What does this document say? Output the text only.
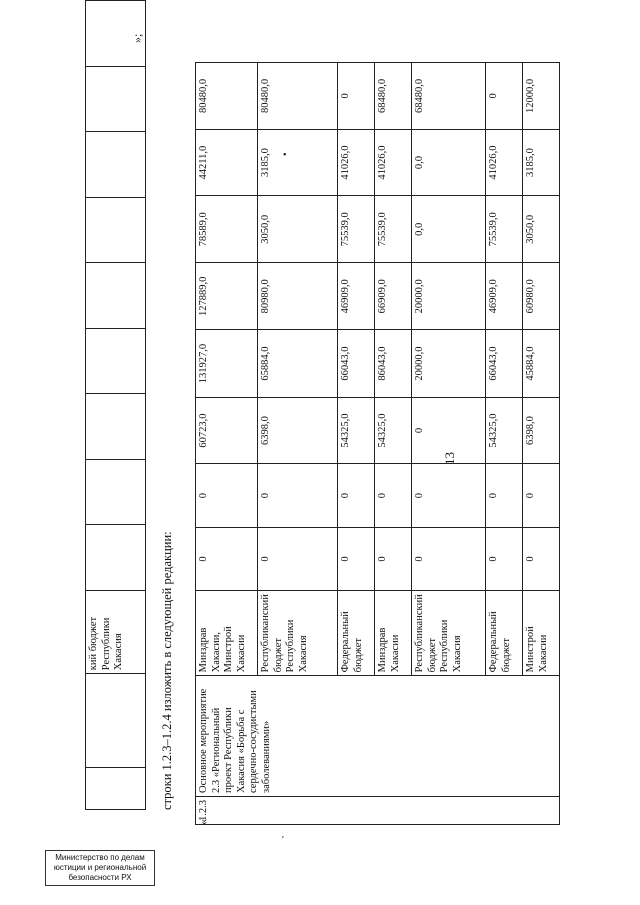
		кий бюджет Республики Хакасия									
»;
13
строки 1.2.3–1.2.4 изложить в следующей редакции:
«
1.2.3	Основное мероприятие 2.3 «Региональный проект Республики Хакасия «Борьба с сердечно-сосудистыми заболеваниями»	Минздрав Хакасии, Минстрой Хакасии	0	0	60723,0	131927,0	127889,0	78589,0	44211,0	80480,0
		Республиканский бюджет Республики Хакасия	0	0	6398,0	65884,0	80980,0	3050,0	3185,0	80480,0
		Федеральный бюджет	0	0	54325,0	66043,0	46909,0	75539,0	41026,0	0
		Минздрав Хакасии	0	0	54325,0	86043,0	66909,0	75539,0	41026,0	68480,0
		Республиканский бюджет Республики Хакасия	0	0	0	20000,0	20000,0	0,0	0,0	68480,0
		Федеральный бюджет	0	0	54325,0	66043,0	46909,0	75539,0	41026,0	0
		Минстрой Хакасии	0	0	6398,0	45884,0	60980,0	3050,0	3185,0	12000,0
•
'
Министерство по делам
юстиции и региональной
безопасности РХ
